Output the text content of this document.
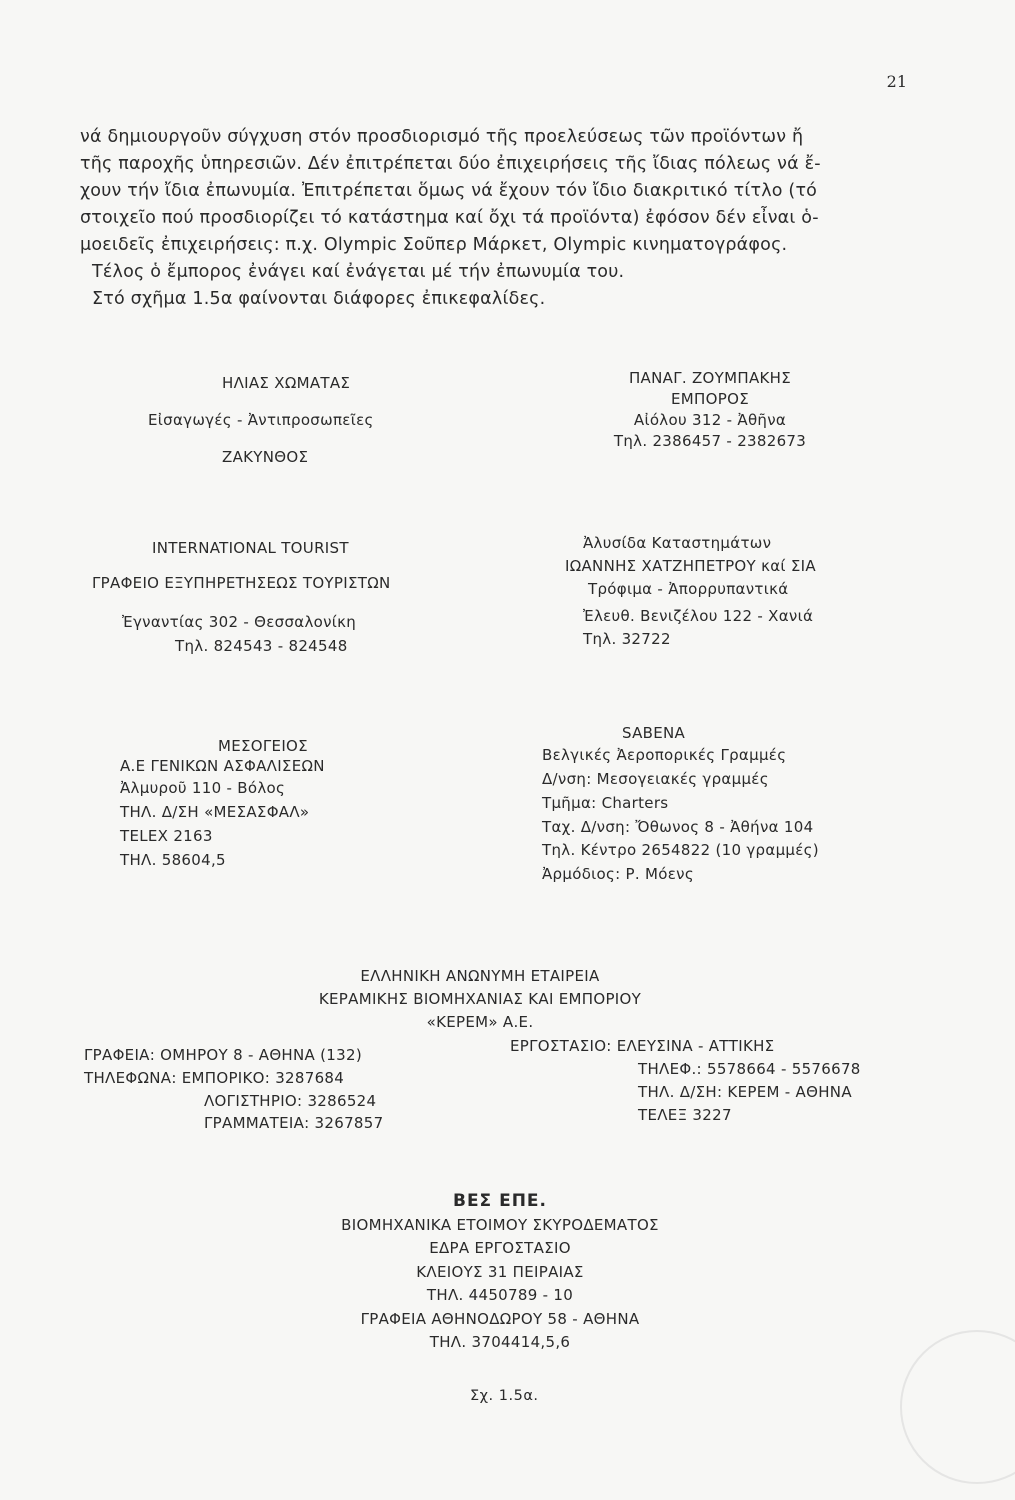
21

νά δημιουργοῦν σύγχυση στόν προσδιορισμό τῆς προελεύσεως τῶν προϊόντων ἤ

τῆς παροχῆς ὑπηρεσιῶν. Δέν ἐπιτρέπεται δύο ἐπιχειρήσεις τῆς ἴδιας πόλεως νά ἔ-

χουν τήν ἴδια ἐπωνυμία. Ἐπιτρέπεται ὅμως νά ἔχουν τόν ἴδιο διακριτικό τίτλο (τό

στοιχεῖο πού προσδιορίζει τό κατάστημα καί ὄχι τά προϊόντα) ἐφόσον δέν εἶναι ὁ-

μοειδεῖς ἐπιχειρήσεις: π.χ. Olympic Σοῦπερ Μάρκετ, Olympic κινηματογράφος.

Τέλος ὁ ἔμπορος ἐνάγει καί ἐνάγεται μέ τήν ἐπωνυμία του.

Στό σχῆμα 1.5α φαίνονται διάφορες ἐπικεφαλίδες.

ΗΛΙΑΣ ΧΩΜΑΤΑΣ
Εἰσαγωγές - Ἀντιπροσωπεῖες
ΖΑΚΥΝΘΟΣ
ΠΑΝΑΓ. ΖΟΥΜΠΑΚΗΣ
ΕΜΠΟΡΟΣ
Αἰόλου 312 - Ἀθῆνα
Τηλ. 2386457 - 2382673
INTERNATIONAL TOURIST
ΓΡΑΦΕΙΟ ΕΞΥΠΗΡΕΤΗΣΕΩΣ ΤΟΥΡΙΣΤΩΝ
Ἐγναντίας 302 - Θεσσαλονίκη
Τηλ. 824543 - 824548
Ἀλυσίδα Καταστημάτων
ΙΩΑΝΝΗΣ ΧΑΤΖΗΠΕΤΡΟΥ καί ΣΙΑ
Τρόφιμα - Ἀπορρυπαντικά
Ἐλευθ. Βενιζέλου 122 - Χανιά
Τηλ. 32722
ΜΕΣΟΓΕΙΟΣ
Α.Ε ΓΕΝΙΚΩΝ ΑΣΦΑΛΙΣΕΩΝ
Ἀλμυροῦ 110 - Βόλος
ΤΗΛ. Δ/ΣΗ «ΜΕΣΑΣΦΑΛ»
TELEX 2163
ΤΗΛ. 58604,5
SABENA
Βελγικές Ἀεροπορικές Γραμμές
Δ/νση: Μεσογειακές γραμμές
Τμῆμα: Charters
Ταχ. Δ/νση: Ὄθωνος 8 - Ἀθήνα 104
Τηλ. Κέντρο 2654822 (10 γραμμές)
Ἀρμόδιος: Ρ. Μόενς
ΕΛΛΗΝΙΚΗ ΑΝΩΝΥΜΗ ΕΤΑΙΡΕΙΑ
ΚΕΡΑΜΙΚΗΣ ΒΙΟΜΗΧΑΝΙΑΣ ΚΑΙ ΕΜΠΟΡΙΟΥ
«ΚΕΡΕΜ» Α.Ε.
ΓΡΑΦΕΙΑ: ΟΜΗΡΟΥ 8 - ΑΘΗΝΑ (132)
ΤΗΛΕΦΩΝΑ: ΕΜΠΟΡΙΚΟ: 3287684
ΛΟΓΙΣΤΗΡΙΟ: 3286524
ΓΡΑΜΜΑΤΕΙΑ: 3267857
ΕΡΓΟΣΤΑΣΙΟ: ΕΛΕΥΣΙΝΑ - ΑΤΤΙΚΗΣ
ΤΗΛΕΦ.: 5578664 - 5576678
ΤΗΛ. Δ/ΣΗ: ΚΕΡΕΜ - ΑΘΗΝΑ
ΤΕΛΕΞ 3227
ΒΕΣ ΕΠΕ.
ΒΙΟΜΗΧΑΝΙΚΑ ΕΤΟΙΜΟΥ ΣΚΥΡΟΔΕΜΑΤΟΣ
ΕΔΡΑ ΕΡΓΟΣΤΑΣΙΟ
ΚΛΕΙΟΥΣ 31 ΠΕΙΡΑΙΑΣ
ΤΗΛ. 4450789 - 10
ΓΡΑΦΕΙΑ ΑΘΗΝΟΔΩΡΟΥ 58 - ΑΘΗΝΑ
ΤΗΛ. 3704414,5,6
Σχ. 1.5α.
